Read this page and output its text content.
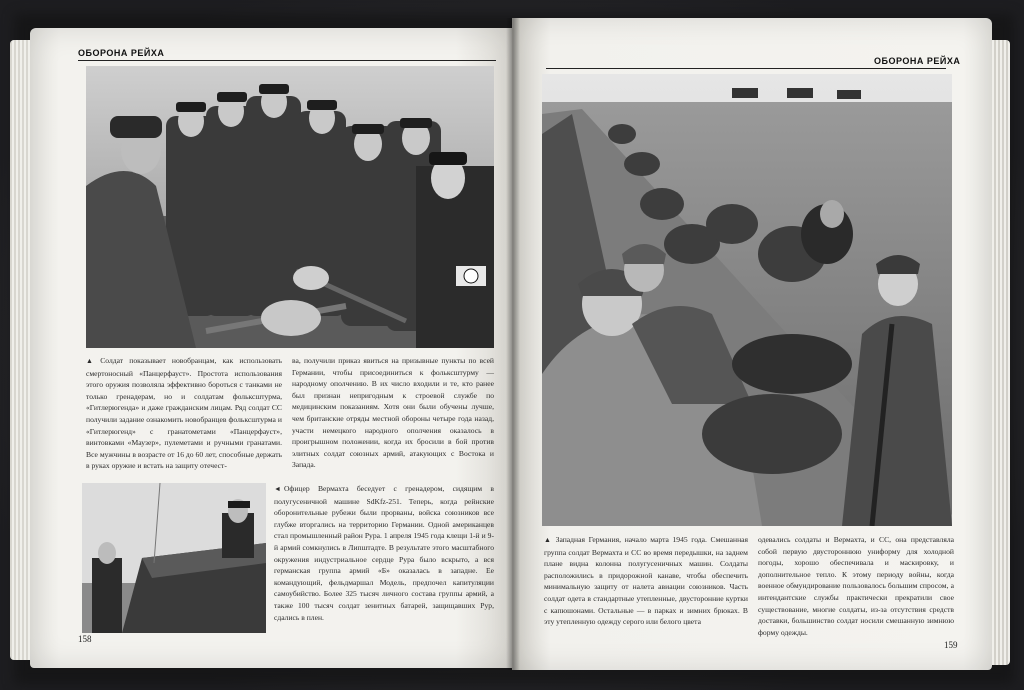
ОБОРОНА РЕЙХА

▲ Солдат показывает новобранцам, как использовать смертоносный «Панцерфауст». Простота использования этого оружия позволяла эффективно бороться с танками не только гренадерам, но и солдатам фольксштурма, «Гитлерюгенда» и даже гражданским лицам. Ряд солдат СС получили задание ознакомить новобранцев фольксштурма и «Гитлерюгенд» с гранатометами «Панцерфауст», винтовками «Маузер», пулеметами и ручными гранатами. Все мужчины в возрасте от 16 до 60 лет, способные держать в руках оружие и встать на защиту отечест-

ва, получили приказ явиться на призывные пункты по всей Германии, чтобы присоединиться к фольксштурму — народному ополчению. В их число входили и те, кто ранее был признан непригодным к строевой службе по медицинским показаниям. Хотя они были обучены лучше, чем британские отряды местной обороны четыре года назад, участи немецкого народного ополчения оказалось в проигрышном положении, когда их бросили в бой против элитных солдат союзных армий, атакующих с Востока и Запада.

◄ Офицер Вермахта беседует с гренадером, сидящим в полугусеничной машине SdKfz-251. Теперь, когда рейнские оборонительные рубежи были прорваны, войска союзников все глубже вторгались на территорию Германии. Одной американцев стал промышленный район Рура. 1 апреля 1945 года клещи 1-й и 9-й армий сомкнулись в Липштадте. В результате этого масштабного окружения индустриальное сердце Рура было вскрыто, а вся германская группа армий «Б» оказалась в западне. Ее командующий, фельдмаршал Модель, предпочел капитуляции самоубийство. Более 325 тысяч личного состава группы армий, а также 100 тысяч солдат зенитных батарей, защищавших Рур, сдались в плен.

158
ОБОРОНА РЕЙХА

▲ Западная Германия, начало марта 1945 года. Смешанная группа солдат Вермахта и СС во время передышки, на заднем плане видна колонна полугусеничных машин. Солдаты расположились в придорожной канаве, чтобы обеспечить минимальную защиту от налета авиации союзников. Часть солдат одета в стандартные утепленные, двусторонние куртки с капюшонами. Остальные — в парках и зимних брюках. В эту утепленную одежду серого или белого цвета

одевались солдаты и Вермахта, и СС, она представляла собой первую двустороннюю униформу для холодной погоды, хорошо обеспечивала и маскировку, и дополнительное тепло. К этому периоду войны, когда военное обмундирование пользовалось большим спросом, а интендантские службы практически прекратили свое существование, многие солдаты, из-за отсутствия средств доставки, большинство солдат носили смешанную зимнюю форму одежды.

159
